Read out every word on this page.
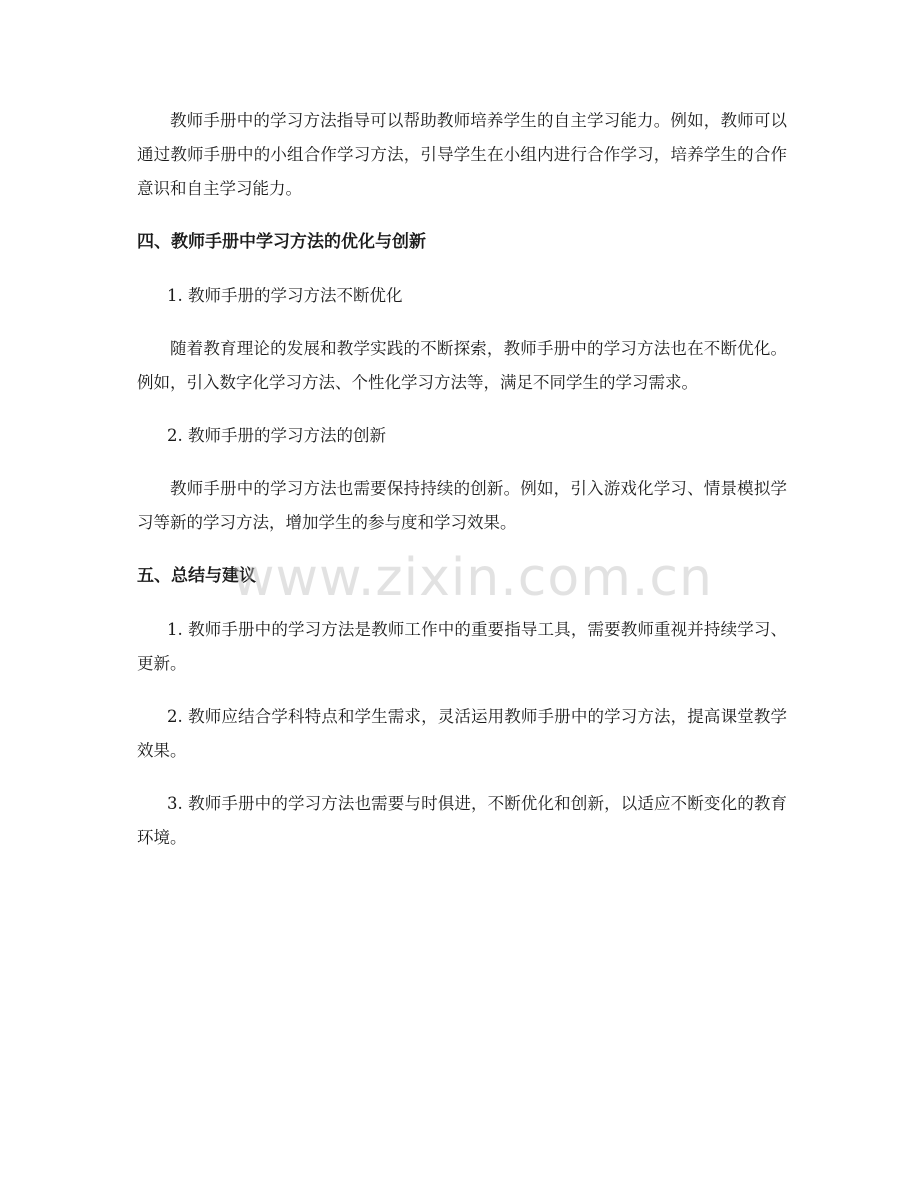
教师手册中的学习方法指导可以帮助教师培养学生的自主学习能力。例如，教师可以通过教师手册中的小组合作学习方法，引导学生在小组内进行合作学习，培养学生的合作意识和自主学习能力。

四、教师手册中学习方法的优化与创新
1. 教师手册的学习方法不断优化

随着教育理论的发展和教学实践的不断探索，教师手册中的学习方法也在不断优化。例如，引入数字化学习方法、个性化学习方法等，满足不同学生的学习需求。

2. 教师手册的学习方法的创新

教师手册中的学习方法也需要保持持续的创新。例如，引入游戏化学习、情景模拟学习等新的学习方法，增加学生的参与度和学习效果。

五、总结与建议

1. 教师手册中的学习方法是教师工作中的重要指导工具，需要教师重视并持续学习、更新。

2. 教师应结合学科特点和学生需求，灵活运用教师手册中的学习方法，提高课堂教学效果。

3. 教师手册中的学习方法也需要与时俱进，不断优化和创新，以适应不断变化的教育环境。

www.zixin.com.cn
